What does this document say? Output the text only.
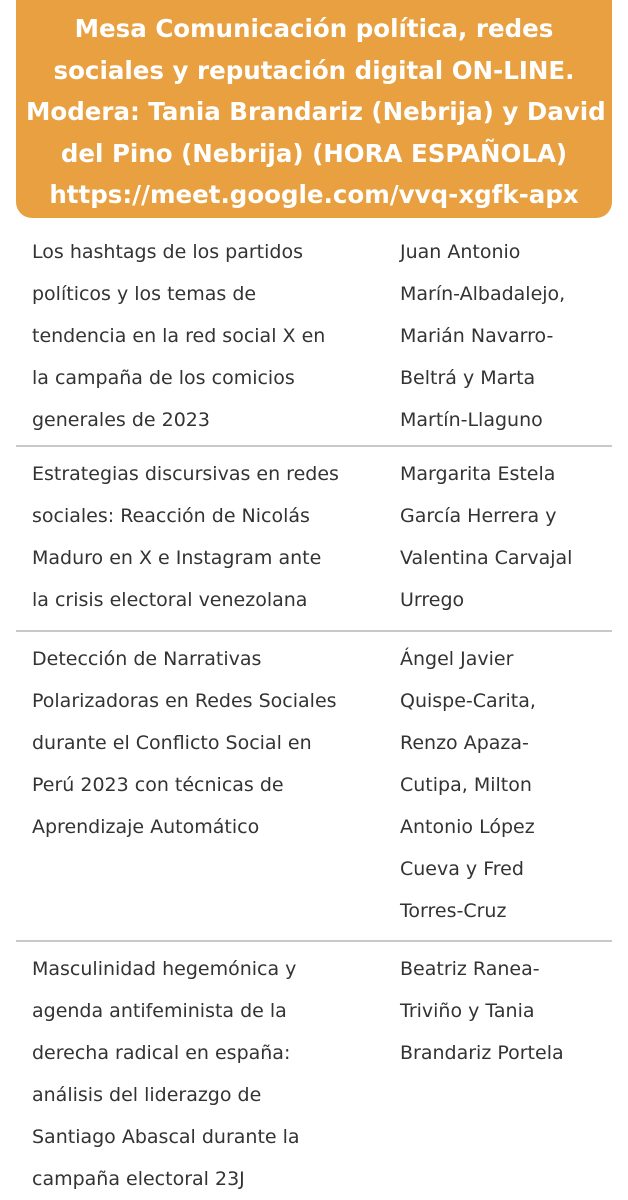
Mesa Comunicación política, redes
sociales y reputación digital ON-LINE.
Modera: Tania Brandariz (Nebrija) y David
del Pino (Nebrija) (HORA ESPAÑOLA)
https://meet.google.com/vvq-xgfk-apx
Los hashtags de los partidos
políticos y los temas de
tendencia en la red social X en
la campaña de los comicios
generales de 2023
Juan Antonio
Marín-Albadalejo,
Marián Navarro-
Beltrá y Marta
Martín-Llaguno
Estrategias discursivas en redes
sociales: Reacción de Nicolás
Maduro en X e Instagram ante
la crisis electoral venezolana
Margarita Estela
García Herrera y
Valentina Carvajal
Urrego
Detección de Narrativas
Polarizadoras en Redes Sociales
durante el Conflicto Social en
Perú 2023 con técnicas de
Aprendizaje Automático
Ángel Javier
Quispe-Carita,
Renzo Apaza-
Cutipa, Milton
Antonio López
Cueva y Fred
Torres-Cruz
Masculinidad hegemónica y
agenda antifeminista de la
derecha radical en españa:
análisis del liderazgo de
Santiago Abascal durante la
campaña electoral 23J
Beatriz Ranea-
Triviño y Tania
Brandariz Portela
